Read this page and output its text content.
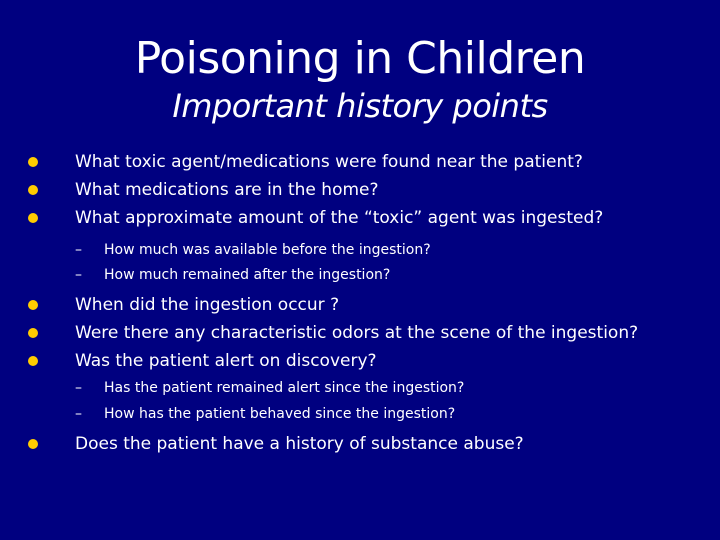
Poisoning in Children
Important history points
What toxic agent/medications were found near the patient?
What medications are in the home?
What approximate amount of the “toxic” agent was ingested?
– How much was available before the ingestion?
– How much remained after the ingestion?
When did the ingestion occur ?
Were there any characteristic odors at the scene of the ingestion?
Was the patient alert on discovery?
– Has the patient remained alert since the ingestion?
– How has the patient behaved since the ingestion?
Does the patient have a history of substance abuse?
